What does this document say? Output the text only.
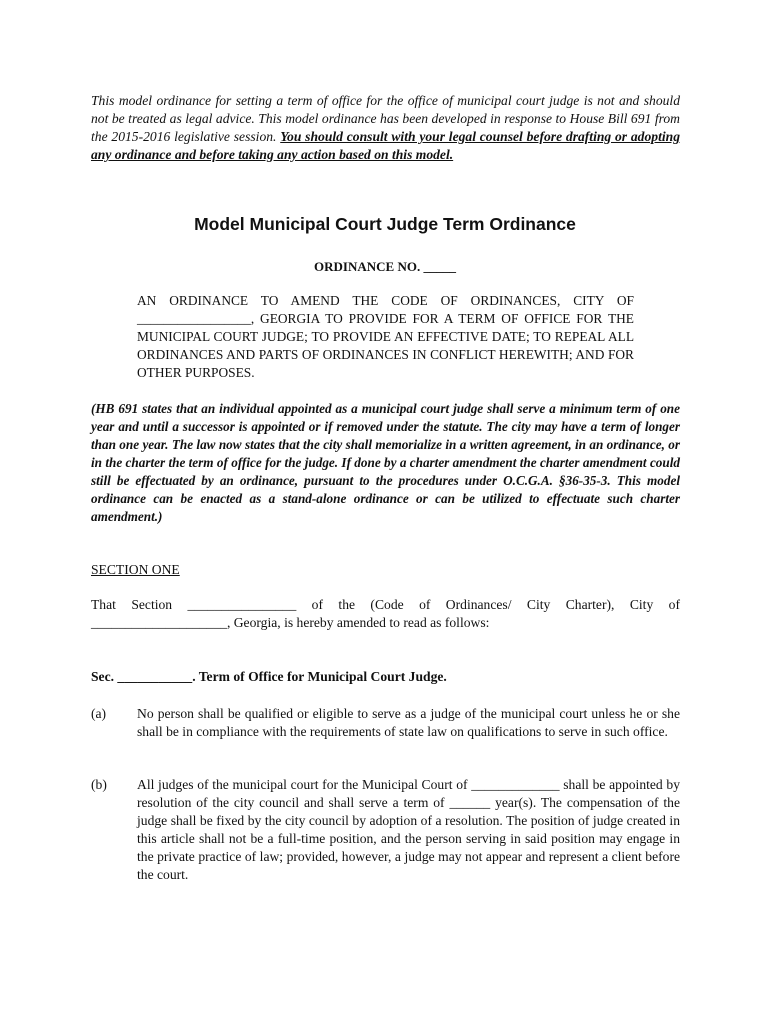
This model ordinance for setting a term of office for the office of municipal court judge is not and should not be treated as legal advice. This model ordinance has been developed in response to House Bill 691 from the 2015-2016 legislative session. You should consult with your legal counsel before drafting or adopting any ordinance and before taking any action based on this model.

Model Municipal Court Judge Term Ordinance

ORDINANCE NO. _____

AN ORDINANCE TO AMEND THE CODE OF ORDINANCES, CITY OF _________________, GEORGIA TO PROVIDE FOR A TERM OF OFFICE FOR THE MUNICIPAL COURT JUDGE; TO PROVIDE AN EFFECTIVE DATE; TO REPEAL ALL ORDINANCES AND PARTS OF ORDINANCES IN CONFLICT HEREWITH; AND FOR OTHER PURPOSES.

(HB 691 states that an individual appointed as a municipal court judge shall serve a minimum term of one year and until a successor is appointed or if removed under the statute. The city may have a term of longer than one year. The law now states that the city shall memorialize in a written agreement, in an ordinance, or in the charter the term of office for the judge. If done by a charter amendment the charter amendment could still be effectuated by an ordinance, pursuant to the procedures under O.C.G.A. §36-35-3. This model ordinance can be enacted as a stand-alone ordinance or can be utilized to effectuate such charter amendment.)

SECTION ONE

That Section ________________ of the (Code of Ordinances/ City Charter), City of ____________________, Georgia, is hereby amended to read as follows:

Sec. ___________. Term of Office for Municipal Court Judge.

(a) No person shall be qualified or eligible to serve as a judge of the municipal court unless he or she shall be in compliance with the requirements of state law on qualifications to serve in such office.

(b) All judges of the municipal court for the Municipal Court of _____________ shall be appointed by resolution of the city council and shall serve a term of ______ year(s). The compensation of the judge shall be fixed by the city council by adoption of a resolution. The position of judge created in this article shall not be a full-time position, and the person serving in said position may engage in the private practice of law; provided, however, a judge may not appear and represent a client before the court.
